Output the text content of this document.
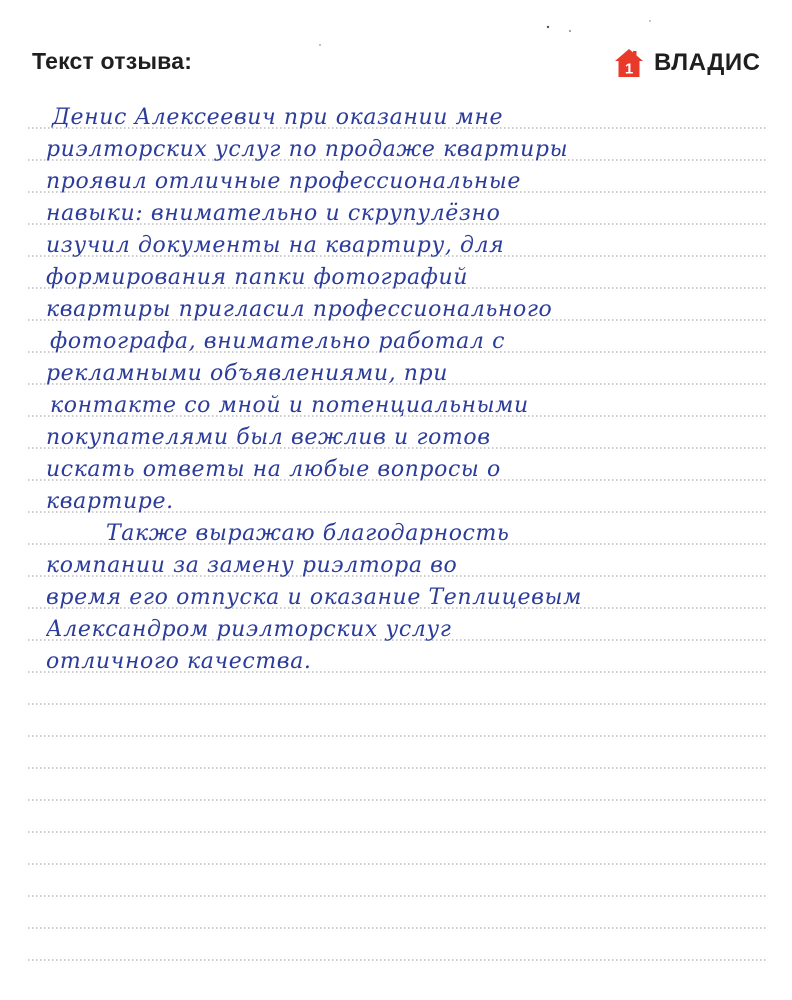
Текст отзыва:	1 ВЛАДИС
Денис Алексеевич при оказании мне
риэлторских услуг по продаже квартиры
проявил отличные профессиональные
навыки: внимательно и скрупулёзно
изучил документы на квартиру, для
формирования папки фотографий
квартиры пригласил профессионального
фотографа, внимательно работал с
рекламными объявлениями, при
контакте со мной и потенциальными
покупателями был вежлив и готов
искать ответы на любые вопросы о
квартире.
Также выражаю благодарность
компании за замену риэлтора во
время его отпуска и оказание Теплицевым
Александром риэлторских услуг
отличного качества.
